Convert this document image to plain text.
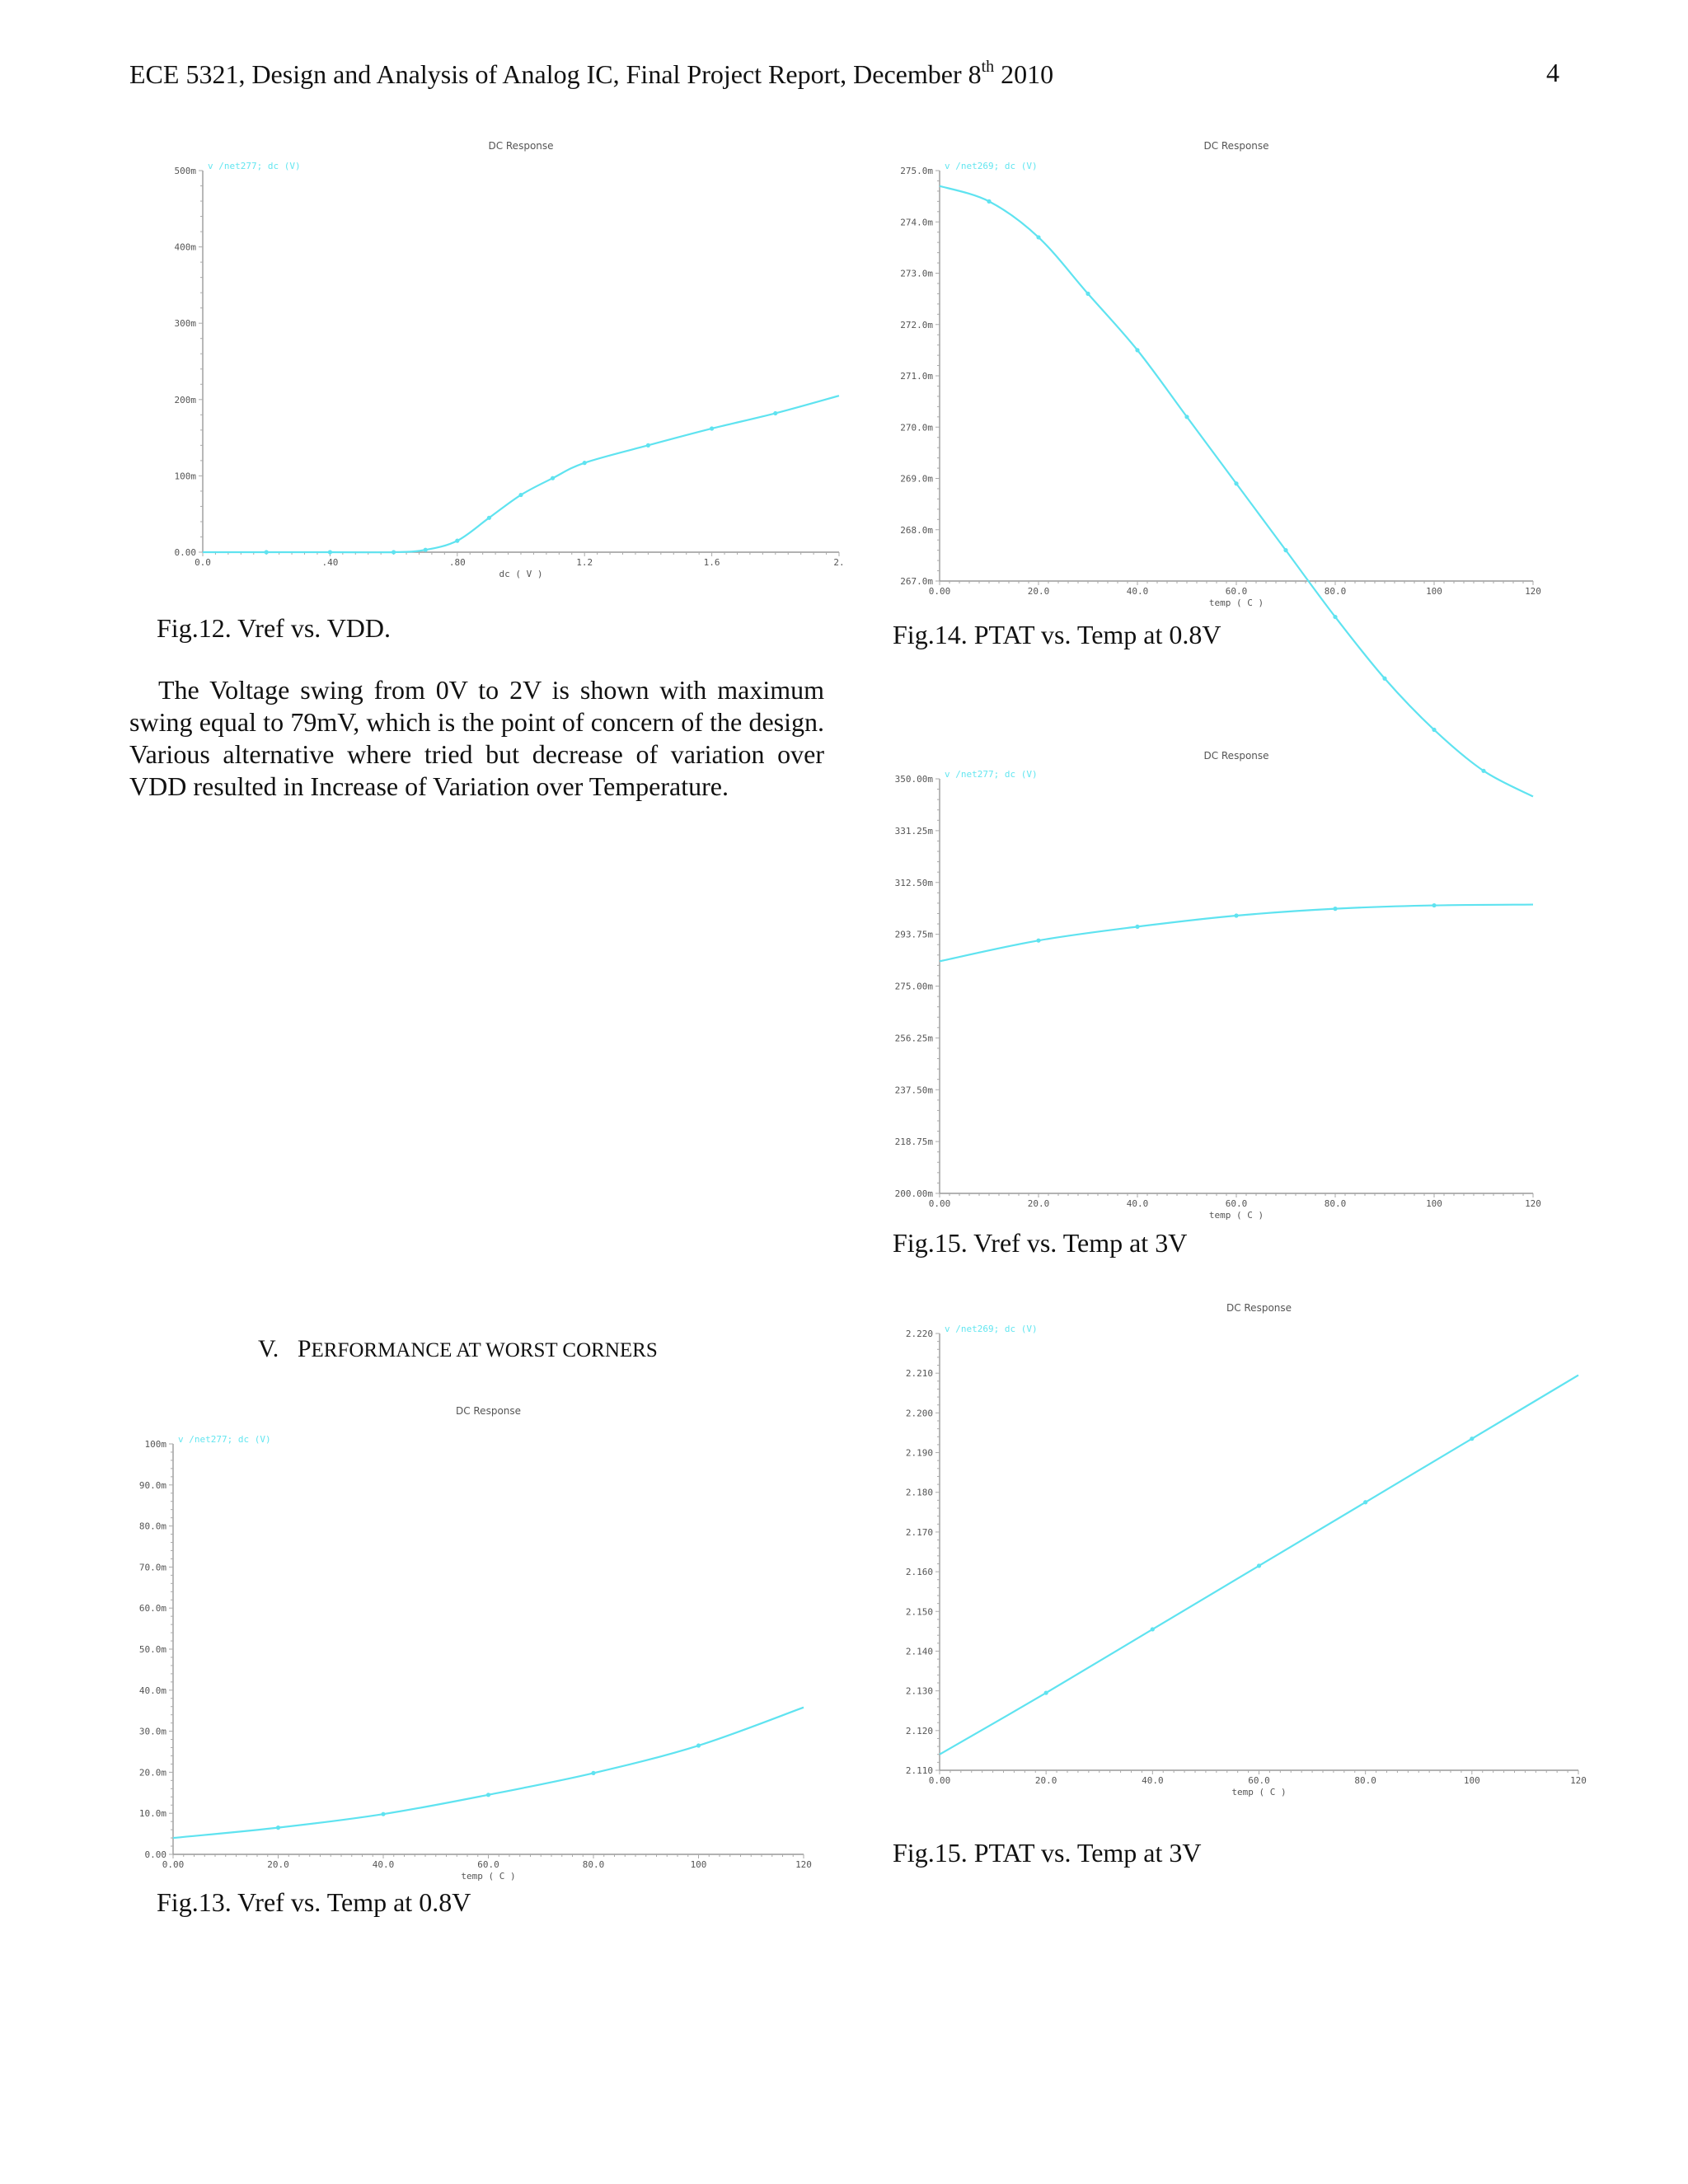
ECE 5321, Design and Analysis of Analog IC, Final Project Report, December 8th 2010	4
DC Response
v /net277; dc (V)
0.00
100m
200m
300m
400m
500m
0.0	.40	.80	1.2	1.6	2.
dc ( V )
Fig.12. Vref vs. VDD.
The Voltage swing from 0V to 2V is shown with maximum swing equal to 79mV, which is the point of concern of the design. Various alternative where tried but decrease of variation over VDD resulted in Increase of Variation over Temperature.
DC Response
v /net269; dc (V)
267.0m
268.0m
269.0m
270.0m
271.0m
272.0m
273.0m
274.0m
275.0m
0.00	20.0	40.0	60.0	80.0	100	120
temp ( C )
Fig.14. PTAT vs. Temp at 0.8V
DC Response
v /net277; dc (V)
200.00m
218.75m
237.50m
256.25m
275.00m
293.75m
312.50m
331.25m
350.00m
0.00	20.0	40.0	60.0	80.0	100	120
temp ( C )
Fig.15. Vref vs. Temp at 3V
V. PERFORMANCE AT WORST CORNERS
DC Response
v /net277; dc (V)
0.00
10.0m
20.0m
30.0m
40.0m
50.0m
60.0m
70.0m
80.0m
90.0m
100m
0.00	20.0	40.0	60.0	80.0	100	120
temp ( C )
Fig.13. Vref vs. Temp at 0.8V
DC Response
v /net269; dc (V)
2.110
2.120
2.130
2.140
2.150
2.160
2.170
2.180
2.190
2.200
2.210
2.220
0.00	20.0	40.0	60.0	80.0	100	120
temp ( C )
Fig.15. PTAT vs. Temp at 3V
